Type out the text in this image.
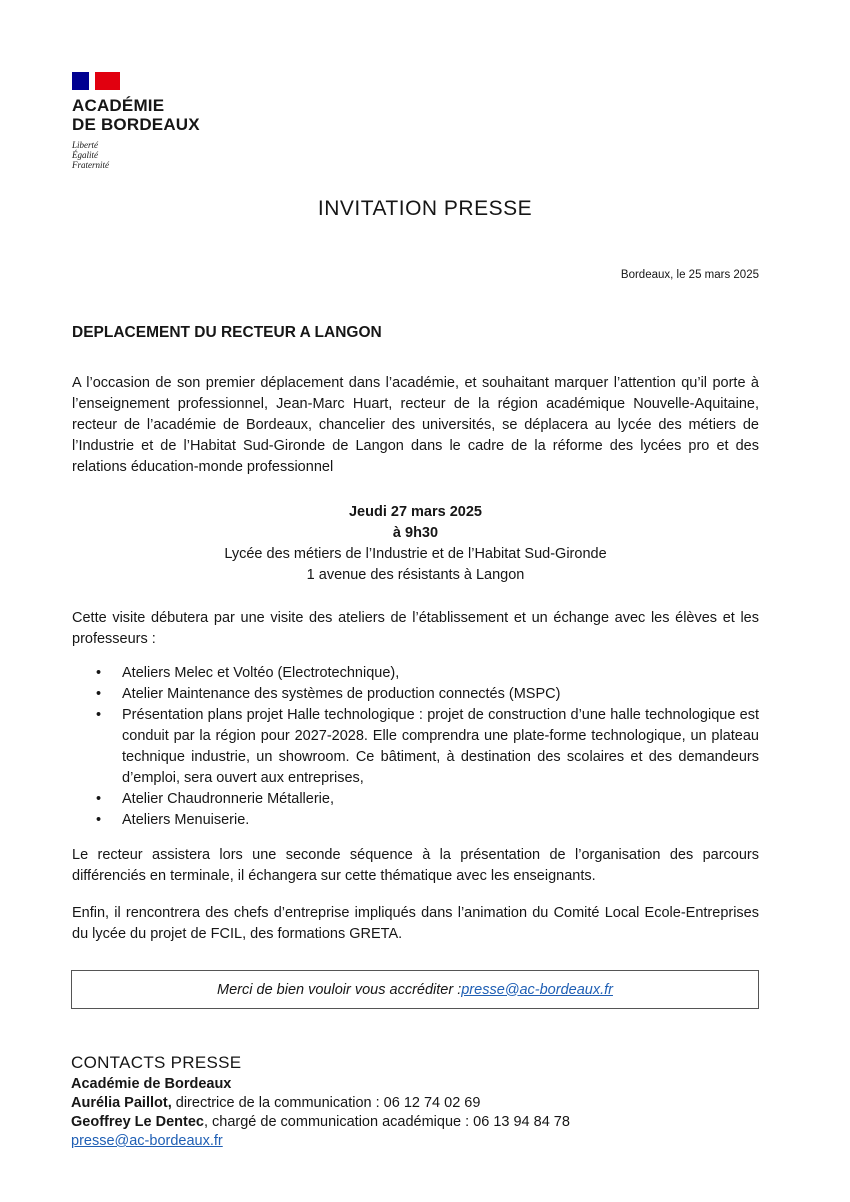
ACADÉMIE
DE BORDEAUX
Liberté
Égalité
Fraternité
INVITATION PRESSE
Bordeaux, le 25 mars 2025
DEPLACEMENT DU RECTEUR A LANGON

A l’occasion de son premier déplacement dans l’académie, et souhaitant marquer l’attention qu’il porte à l’enseignement professionnel, Jean-Marc Huart, recteur de la région académique Nouvelle-Aquitaine, recteur de l’académie de Bordeaux, chancelier des universités, se déplacera au lycée des métiers de l’Industrie et de l’Habitat Sud-Gironde de Langon dans le cadre de la réforme des lycées pro et des relations éducation-monde professionnel

Jeudi 27 mars 2025
à 9h30
Lycée des métiers de l’Industrie et de l’Habitat Sud-Gironde
1 avenue des résistants à Langon

Cette visite débutera par une visite des ateliers de l’établissement et un échange avec les élèves et les professeurs :

• Ateliers Melec et Voltéo (Electrotechnique),
• Atelier Maintenance des systèmes de production connectés (MSPC)
• Présentation plans projet Halle technologique : projet de construction d’une halle technologique est conduit par la région pour 2027-2028. Elle comprendra une plate-forme technologique, un plateau technique industrie, un showroom. Ce bâtiment, à destination des scolaires et des demandeurs d’emploi, sera ouvert aux entreprises,
• Atelier Chaudronnerie Métallerie,
• Ateliers Menuiserie.

Le recteur assistera lors une seconde séquence à la présentation de l’organisation des parcours différenciés en terminale, il échangera sur cette thématique avec les enseignants.

Enfin, il rencontrera des chefs d’entreprise impliqués dans l’animation du Comité Local Ecole-Entreprises du lycée du projet de FCIL, des formations GRETA.

Merci de bien vouloir vous accréditer : presse@ac-bordeaux.fr
CONTACTS PRESSE
Académie de Bordeaux
Aurélia Paillot, directrice de la communication : 06 12 74 02 69
Geoffrey Le Dentec, chargé de communication académique : 06 13 94 84 78
presse@ac-bordeaux.fr
